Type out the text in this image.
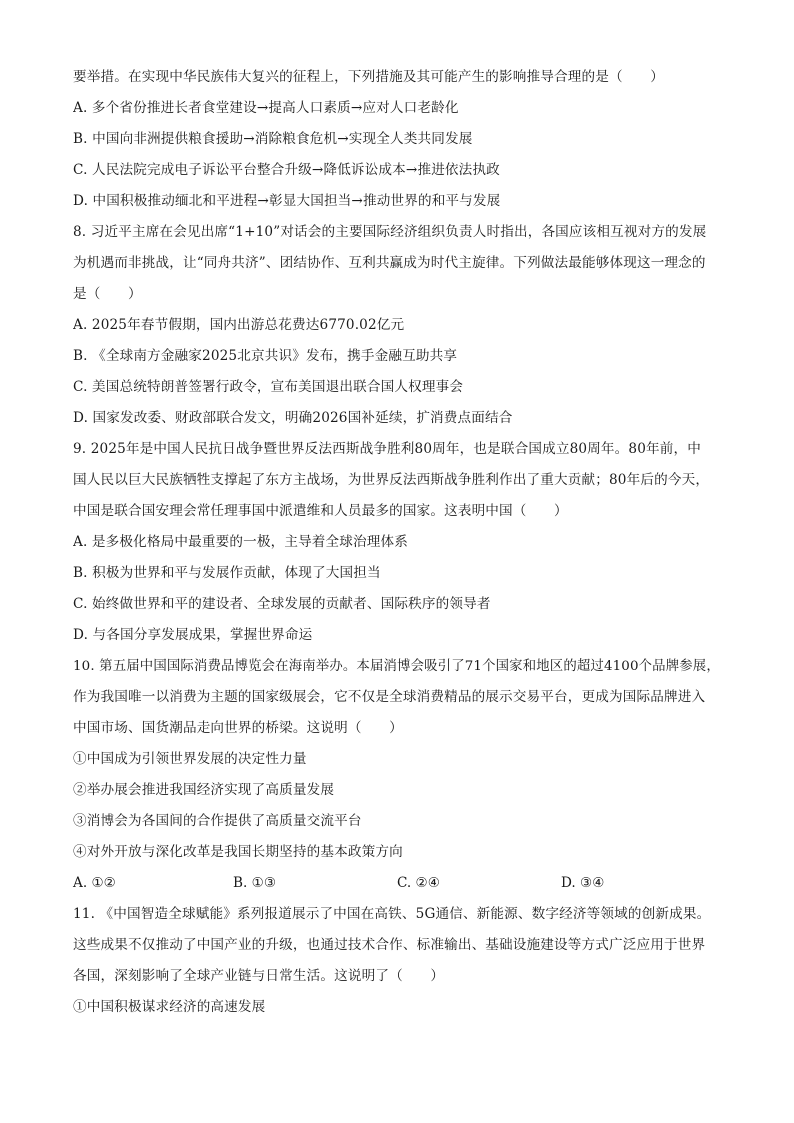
要举措。在实现中华民族伟大复兴的征程上，下列措施及其可能产生的影响推导合理的是（　　）
A. 多个省份推进长者食堂建设→提高人口素质→应对人口老龄化
B. 中国向非洲提供粮食援助→消除粮食危机→实现全人类共同发展
C. 人民法院完成电子诉讼平台整合升级→降低诉讼成本→推进依法执政
D. 中国积极推动缅北和平进程→彰显大国担当→推动世界的和平与发展
8. 习近平主席在会见出席“1+10”对话会的主要国际经济组织负责人时指出，各国应该相互视对方的发展
为机遇而非挑战，让“同舟共济”、团结协作、互利共赢成为时代主旋律。下列做法最能够体现这一理念的
是（　　）
A. 2025年春节假期，国内出游总花费达6770.02亿元
B. 《全球南方金融家2025北京共识》发布，携手金融互助共享
C. 美国总统特朗普签署行政令，宣布美国退出联合国人权理事会
D. 国家发改委、财政部联合发文，明确2026国补延续，扩消费点面结合
9. 2025年是中国人民抗日战争暨世界反法西斯战争胜利80周年，也是联合国成立80周年。80年前，中
国人民以巨大民族牺牲支撑起了东方主战场，为世界反法西斯战争胜利作出了重大贡献；80年后的今天，
中国是联合国安理会常任理事国中派遣维和人员最多的国家。这表明中国（　　）
A. 是多极化格局中最重要的一极，主导着全球治理体系
B. 积极为世界和平与发展作贡献，体现了大国担当
C. 始终做世界和平的建设者、全球发展的贡献者、国际秩序的领导者
D. 与各国分享发展成果，掌握世界命运
10. 第五届中国国际消费品博览会在海南举办。本届消博会吸引了71个国家和地区的超过4100个品牌参展，
作为我国唯一以消费为主题的国家级展会，它不仅是全球消费精品的展示交易平台，更成为国际品牌进入
中国市场、国货潮品走向世界的桥梁。这说明（　　）
①中国成为引领世界发展的决定性力量
②举办展会推进我国经济实现了高质量发展
③消博会为各国间的合作提供了高质量交流平台
④对外开放与深化改革是我国长期坚持的基本政策方向
A. ①②	B. ①③	C. ②④	D. ③④
11. 《中国智造全球赋能》系列报道展示了中国在高铁、5G通信、新能源、数字经济等领域的创新成果。
这些成果不仅推动了中国产业的升级，也通过技术合作、标准输出、基础设施建设等方式广泛应用于世界
各国，深刻影响了全球产业链与日常生活。这说明了（　　）
①中国积极谋求经济的高速发展
